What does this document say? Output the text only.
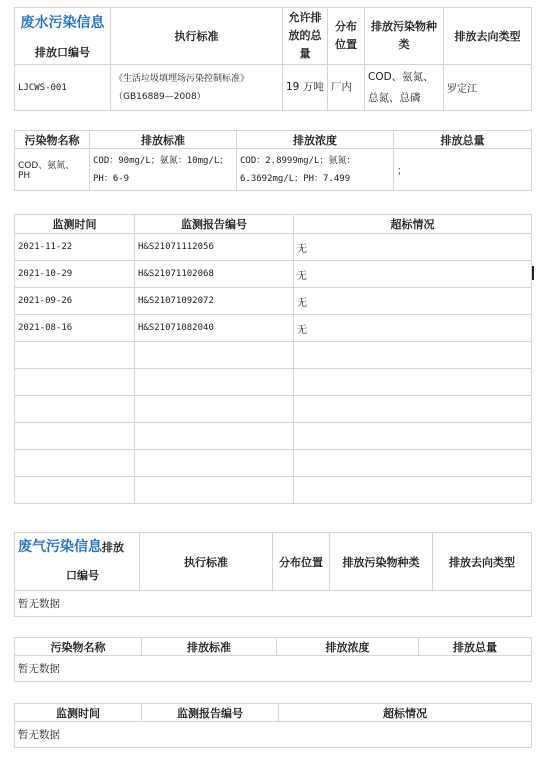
废水污染信息
排放口编号	执行标准	允许排放的总量	分布位置	排放污染物种类	排放去向类型
LJCWS-001	《生活垃圾填埋场污染控制标准》（GB16889—2008）	19 万吨	厂内	COD、氨氮、总氮、总磷	罗定江
污染物名称	排放标准	排放浓度	排放总量
COD、氨氮、PH	COD：90mg/L；氨氮：10mg/L；PH：6-9	COD：2.8999mg/L；氨氮：6.3692mg/L；PH：7.499	；
监测时间	监测报告编号	超标情况
2021-11-22	H&S21071112056	无
2021-10-29	H&S21071102068	无
2021-09-26	H&S21071092072	无
2021-08-16	H&S21071082040	无

废气污染信息排放
口编号	执行标准	分布位置	排放污染物种类	排放去向类型
暂无数据
污染物名称	排放标准	排放浓度	排放总量
暂无数据
监测时间	监测报告编号	超标情况
暂无数据
